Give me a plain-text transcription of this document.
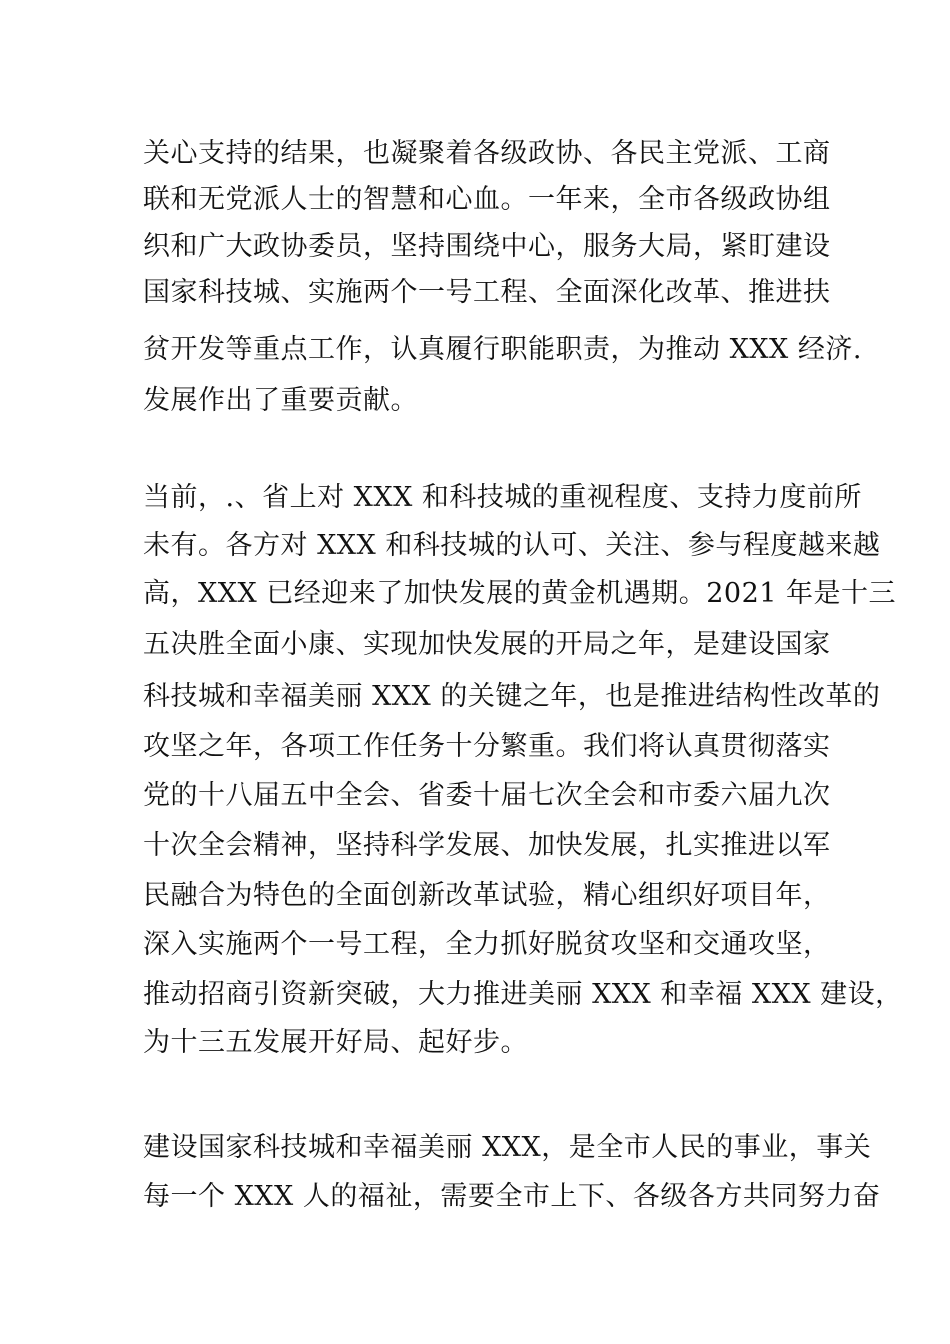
关心支持的结果，也凝聚着各级政协、各民主党派、工商
联和无党派人士的智慧和心血。一年来，全市各级政协组
织和广大政协委员，坚持围绕中心，服务大局，紧盯建设
国家科技城、实施两个一号工程、全面深化改革、推进扶
贫开发等重点工作，认真履行职能职责，为推动 XXX 经济.
发展作出了重要贡献。
当前，.、省上对 XXX 和科技城的重视程度、支持力度前所
未有。各方对 XXX 和科技城的认可、关注、参与程度越来越
高，XXX 已经迎来了加快发展的黄金机遇期。2021 年是十三
五决胜全面小康、实现加快发展的开局之年，是建设国家
科技城和幸福美丽 XXX 的关键之年，也是推进结构性改革的
攻坚之年，各项工作任务十分繁重。我们将认真贯彻落实
党的十八届五中全会、省委十届七次全会和市委六届九次
十次全会精神，坚持科学发展、加快发展，扎实推进以军
民融合为特色的全面创新改革试验，精心组织好项目年，
深入实施两个一号工程，全力抓好脱贫攻坚和交通攻坚，
推动招商引资新突破，大力推进美丽 XXX 和幸福 XXX 建设，
为十三五发展开好局、起好步。
建设国家科技城和幸福美丽 XXX，是全市人民的事业，事关
每一个 XXX 人的福祉，需要全市上下、各级各方共同努力奋
